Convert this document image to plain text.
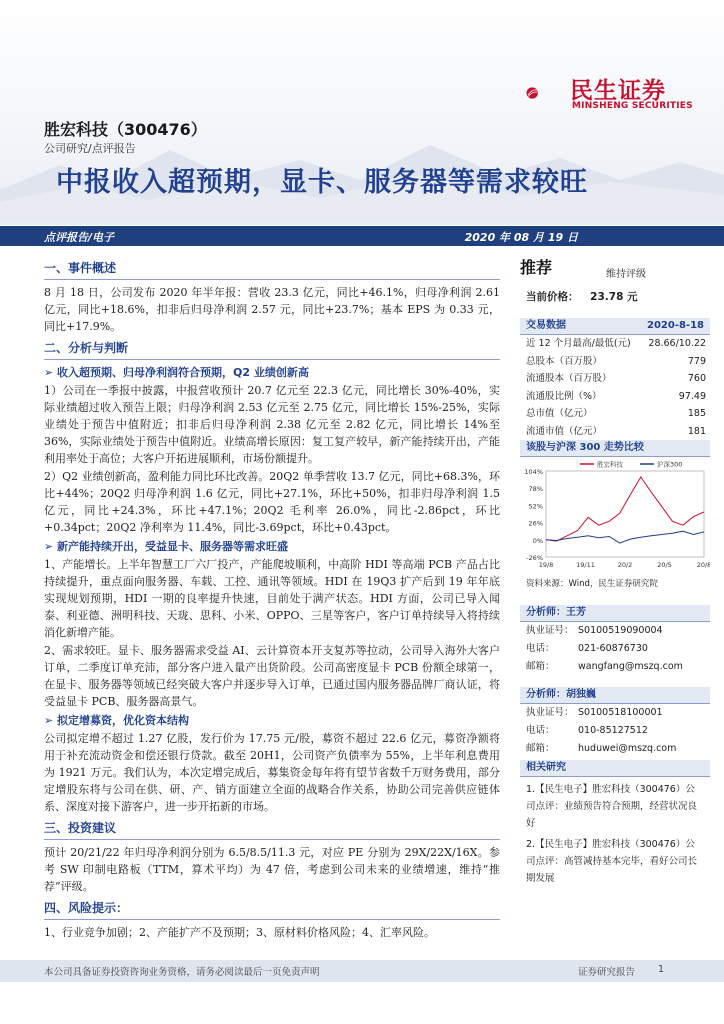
民生证券
MINSHENG SECURITIES
胜宏科技（300476）
公司研究/点评报告
中报收入超预期，显卡、服务器等需求较旺
点评报告/电子	2020 年 08 月 19 日
一、事件概述

8 月 18 日，公司发布 2020 年半年报：营收 23.3 亿元，同比+46.1%，归母净利润 2.61 亿元，同比+18.6%，扣非后归母净利润 2.57 元，同比+23.7%；基本 EPS 为 0.33 元，同比+17.9%。

二、分析与判断
➢ 收入超预期、归母净利润符合预期，Q2 业绩创新高

1）公司在一季报中披露，中报营收预计 20.7 亿元至 22.3 亿元，同比增长 30%-40%，实际业绩超过收入预告上限；归母净利润 2.53 亿元至 2.75 亿元，同比增长 15%-25%，实际业绩处于预告中值附近；扣非后归母净利润 2.38 亿元至 2.82 亿元，同比增长 14%至 36%，实际业绩处于预告中值附近。业绩高增长原因：复工复产较早，新产能持续开出，产能利用率处于高位；大客户开拓进展顺利，市场份额提升。

2）Q2 业绩创新高，盈利能力同比环比改善。20Q2 单季营收 13.7 亿元，同比+68.3%，环比+44%；20Q2 归母净利润 1.6 亿元，同比+27.1%，环比+50%，扣非归母净利润 1.5 亿元，同比+24.3%，环比+47.1%；20Q2 毛利率 26.0%，同比-2.86pct，环比+0.34pct；20Q2 净利率为 11.4%，同比-3.69pct，环比+0.43pct。

➢ 新产能持续开出，受益显卡、服务器等需求旺盛

1、产能增长。上半年智慧工厂六厂投产，产能爬坡顺利，中高阶 HDI 等高端 PCB 产品占比持续提升，重点面向服务器、车载、工控、通讯等领域。HDI 在 19Q3 扩产后到 19 年年底实现规划预期，HDI 一期的良率提升快速，目前处于满产状态。HDI 方面，公司已导入闻泰、利亚德、洲明科技、天珑、思科、小米、OPPO、三星等客户，客户订单持续导入将持续消化新增产能。

2、需求较旺。显卡、服务器需求受益 AI、云计算资本开支复苏等拉动，公司导入海外大客户订单，二季度订单充沛，部分客户进入量产出货阶段。公司高密度显卡 PCB 份额全球第一，在显卡、服务器等领域已经突破大客户并逐步导入订单，已通过国内服务器品牌厂商认证，将受益显卡 PCB、服务器高景气。

➢ 拟定增募资，优化资本结构

公司拟定增不超过 1.27 亿股，发行价为 17.75 元/股，募资不超过 22.6 亿元，募资净额将用于补充流动资金和偿还银行贷款。截至 20H1，公司资产负债率为 55%，上半年利息费用为 1921 万元。我们认为，本次定增完成后，募集资金每年将有望节省数千万财务费用，部分定增股东将与公司在供、研、产、销方面建立全面的战略合作关系，协助公司完善供应链体系、深度对接下游客户，进一步开拓新的市场。

三、投资建议

预计 20/21/22 年归母净利润分别为 6.5/8.5/11.3 元，对应 PE 分别为 29X/22X/16X。参考 SW 印制电路板（TTM，算术平均）为 47 倍，考虑到公司未来的业绩增速，维持“推荐”评级。

四、风险提示：

1、行业竞争加剧；2、产能扩产不及预期；3、原材料价格风险；4、汇率风险。

推荐	维持评级
当前价格： 23.78 元
交易数据	2020-8-18
近 12 个月最高/最低(元) 28.66/10.22
总股本（百万股）	779
流通股本（百万股）	760
流通股比例（%）	97.49
总市值（亿元）	185
流通市值（亿元）	181
该股与沪深 300 走势比较
-26%
0%
26%
52%
78%
104%
19/8	19/11	20/2	20/5	20/8
胜宏科技	沪深300
资料来源：Wind，民生证券研究院
分析师：王芳
执业证号： S0100519090004
电话：	021-60876730
邮箱：	wangfang@mszq.com
分析师：胡独巍
执业证号： S0100518100001
电话：	010-85127512
邮箱：	huduwei@mszq.com
相关研究
1.【民生电子】胜宏科技（300476）公司点评：业绩预告符合预期，经营状况良好
2.【民生电子】胜宏科技（300476）公司点评：高管减持基本完毕，看好公司长期发展
本公司具备证券投资咨询业务资格，请务必阅读最后一页免责声明	证券研究报告 1
